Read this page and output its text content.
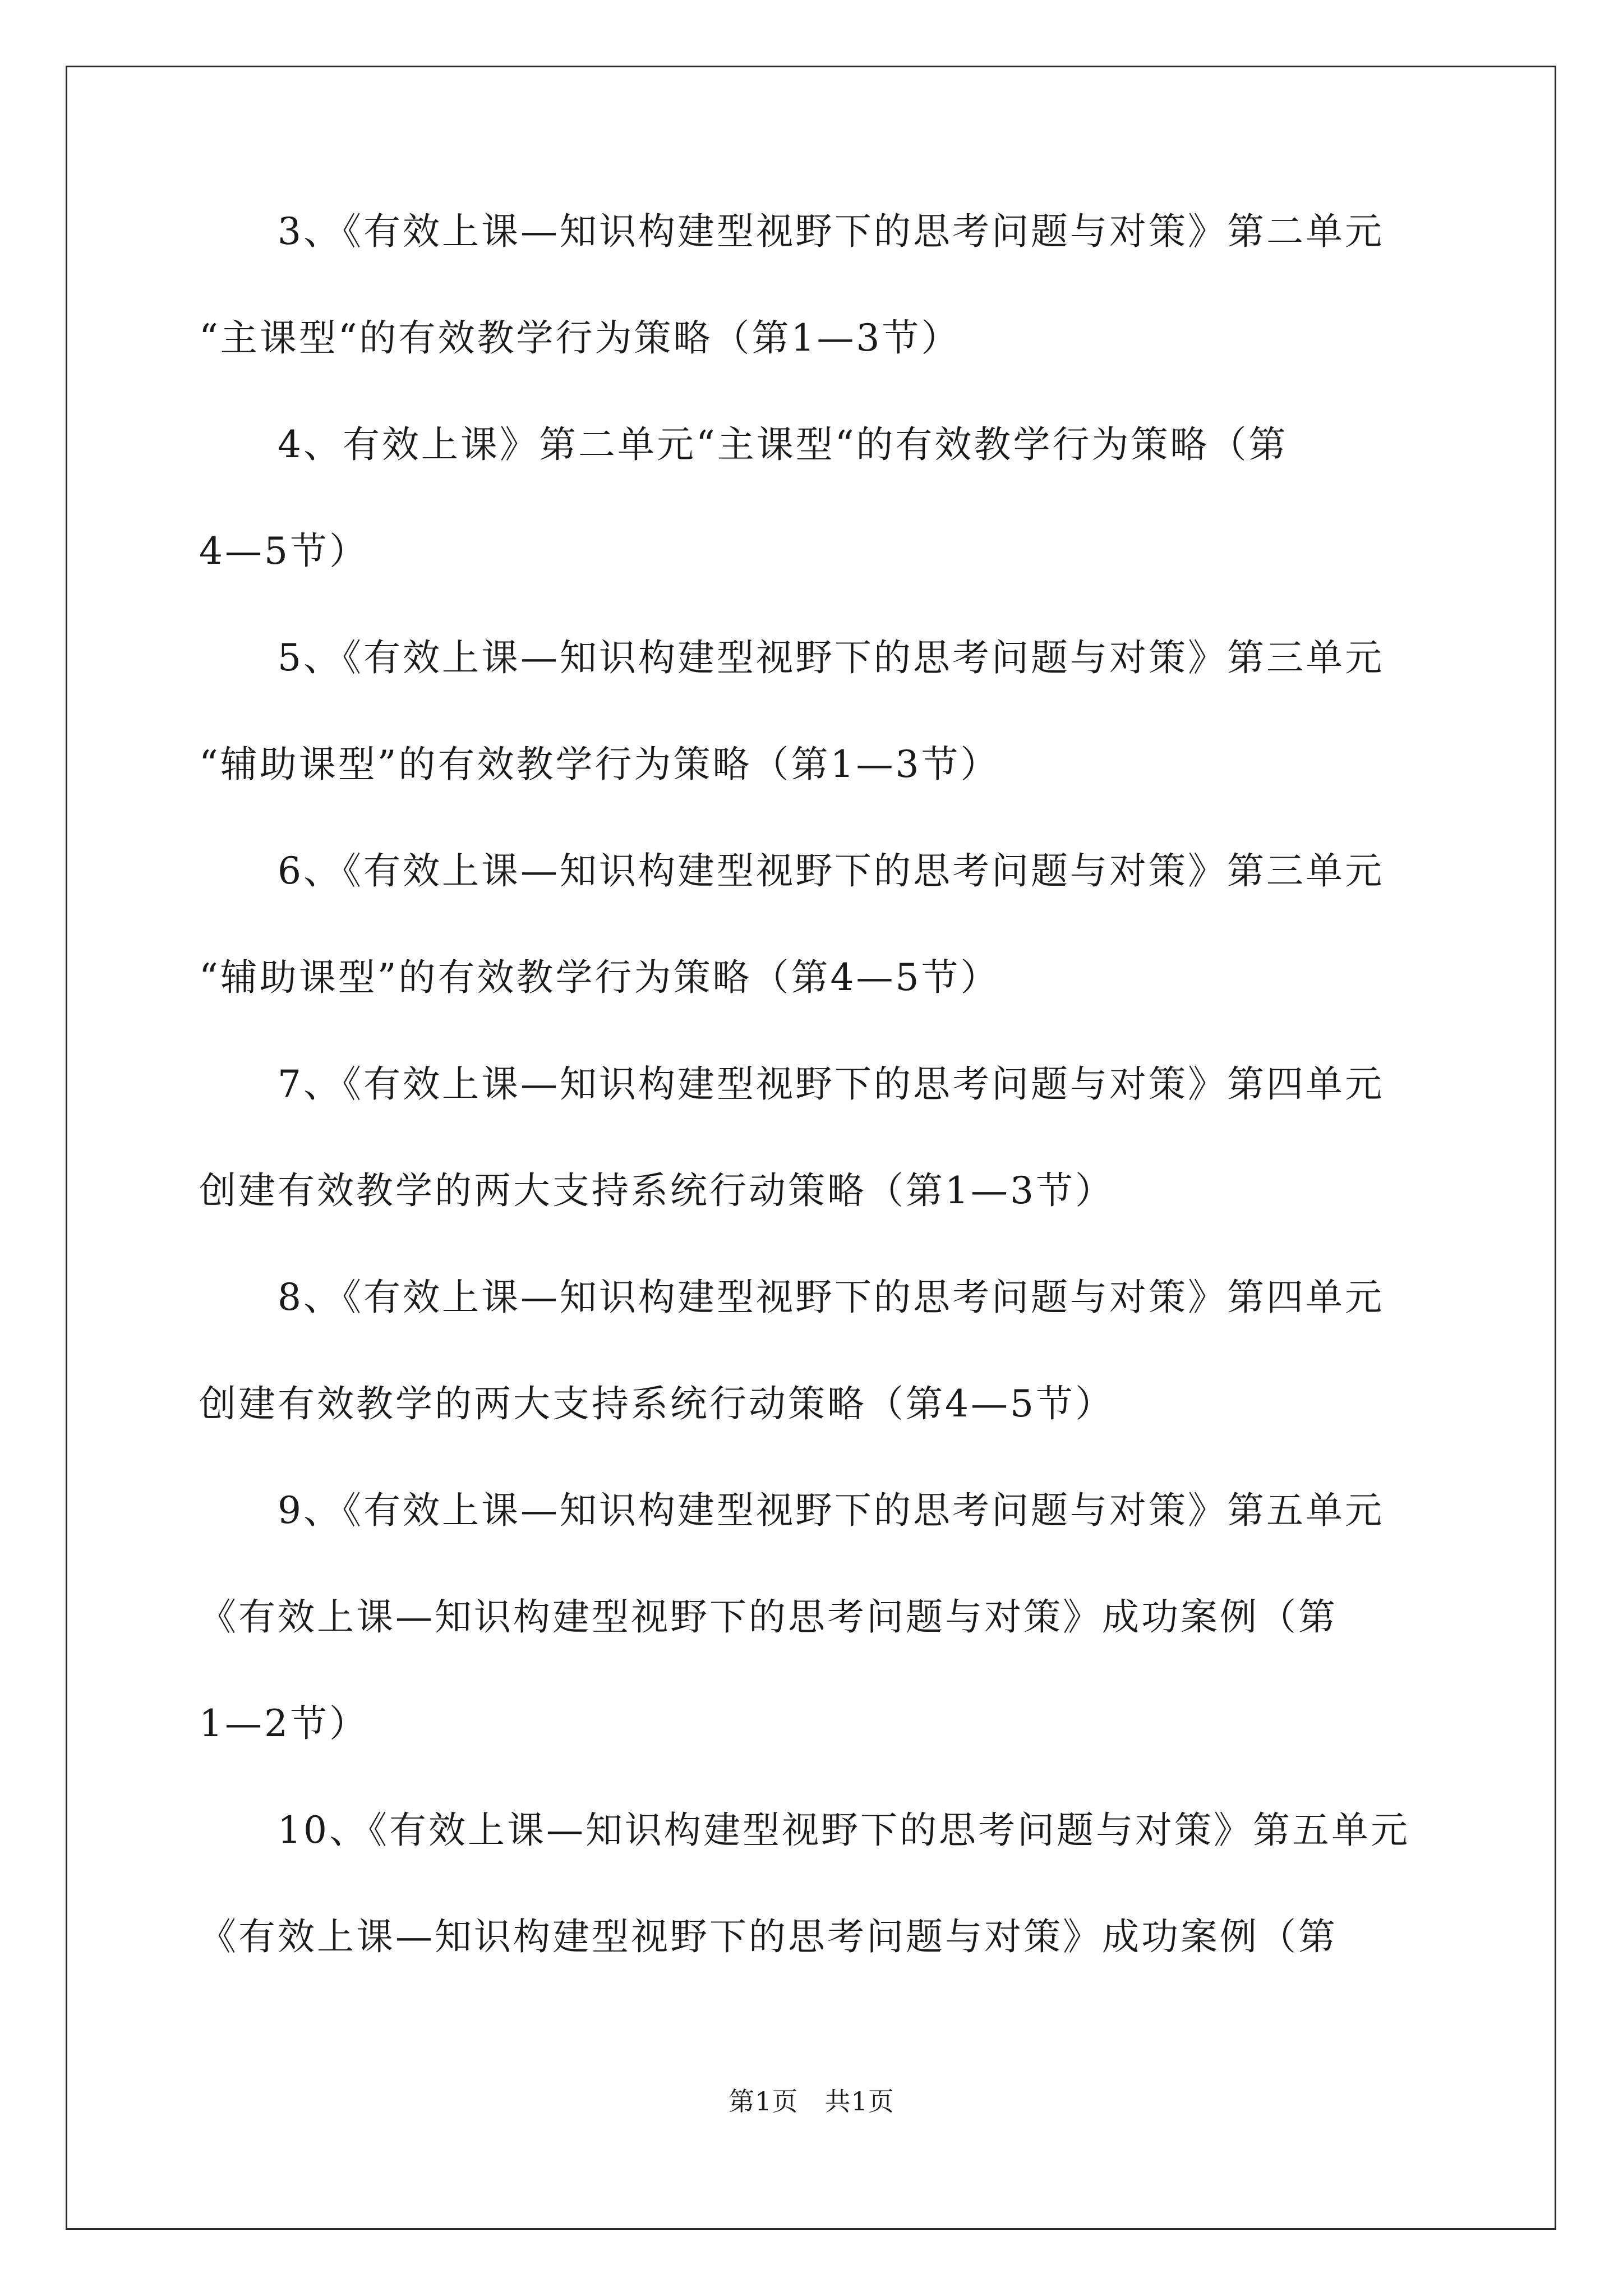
3、《有效上课—知识构建型视野下的思考问题与对策》第二单元
“主课型“的有效教学行为策略（第1—3节）
4、有效上课》第二单元“主课型“的有效教学行为策略（第
4—5节）
5、《有效上课—知识构建型视野下的思考问题与对策》第三单元
“辅助课型”的有效教学行为策略（第1—3节）
6、《有效上课—知识构建型视野下的思考问题与对策》第三单元
“辅助课型”的有效教学行为策略（第4—5节）
7、《有效上课—知识构建型视野下的思考问题与对策》第四单元
创建有效教学的两大支持系统行动策略（第1—3节）
8、《有效上课—知识构建型视野下的思考问题与对策》第四单元
创建有效教学的两大支持系统行动策略（第4—5节）
9、《有效上课—知识构建型视野下的思考问题与对策》第五单元
《有效上课—知识构建型视野下的思考问题与对策》成功案例（第
1—2节）
10、《有效上课—知识构建型视野下的思考问题与对策》第五单元
《有效上课—知识构建型视野下的思考问题与对策》成功案例（第
第1页　共1页
